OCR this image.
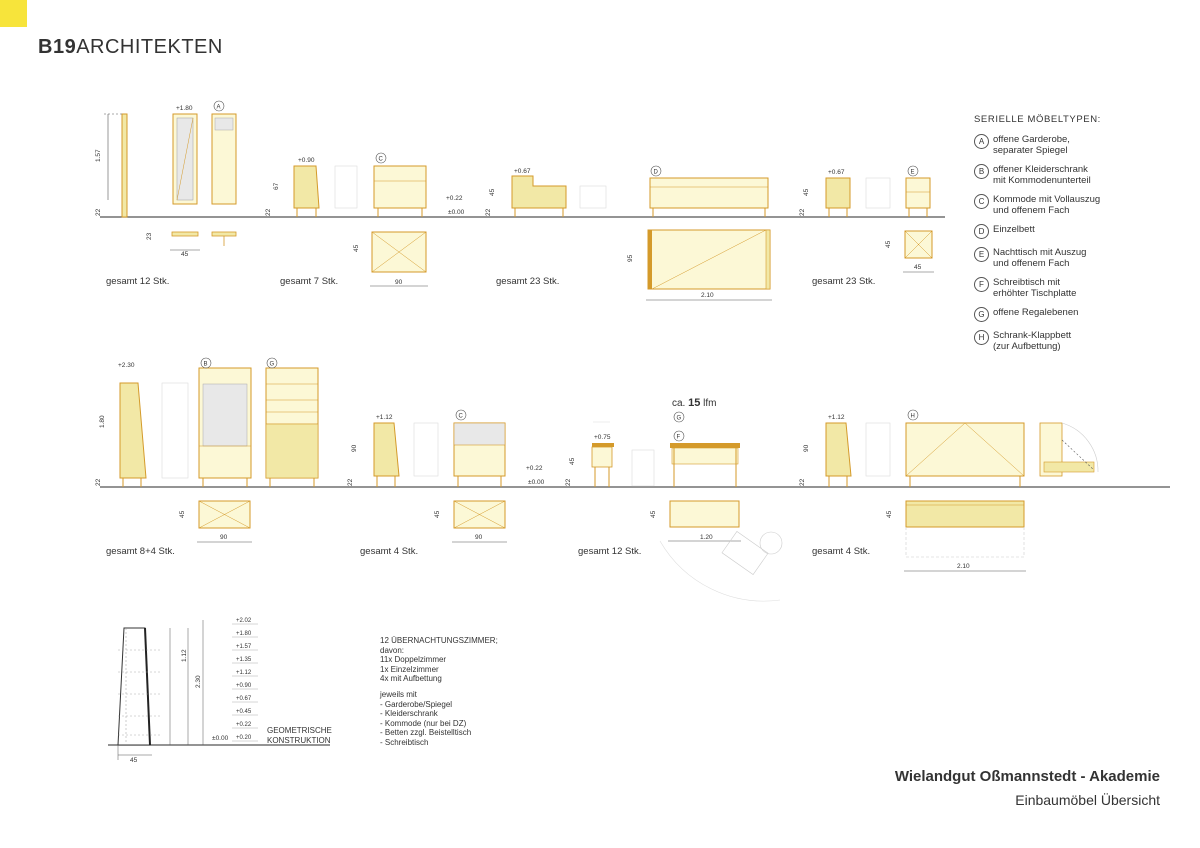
B19ARCHITEKTEN
1.57
+1.80
22
A
23
45
+0.90
67
22
C
45
90
+0.22
±0.00
+0.67
45
22
D
95
2.10
+0.67
45
22
E
45
45
+2.30
1.80
22
B	G
45
90
+1.12
90
22
C
45
90
+0.22
±0.00
+0.75
45
22
G
F
45
1.20
+1.12
90
22
H
45
2.10
45
2.30
1.12
±0.00
+2.02
+1.80
+1.57
+1.35
+1.12
+0.90
+0.67
+0.45
+0.22
+0.20
SERIELLE MÖBELTYPEN:
A offene Garderobe,
separater Spiegel
B offener Kleiderschrank
mit Kommodenunterteil
C Kommode mit Vollauszug
und offenem Fach
D Einzelbett
E Nachttisch mit Auszug
und offenem Fach
F Schreibtisch mit
erhöhter Tischplatte
G offene Regalebenen
H Schrank-Klappbett
(zur Aufbettung)
gesamt 12 Stk.	gesamt 7 Stk.	gesamt 23 Stk.	gesamt 23 Stk.
gesamt 8+4 Stk.	gesamt 4 Stk.	gesamt 12 Stk.	gesamt 4 Stk.
ca. 15 lfm
12 ÜBERNACHTUNGSZIMMER;
davon:
11x Doppelzimmer
1x Einzelzimmer
4x mit Aufbettung
jeweils mit
- Garderobe/Spiegel
- Kleiderschrank
- Kommode (nur bei DZ)
- Betten zzgl. Beistelltisch
- Schreibtisch
GEOMETRISCHE
KONSTRUKTION
Wielandgut Oßmannstedt - Akademie
Einbaumöbel Übersicht
